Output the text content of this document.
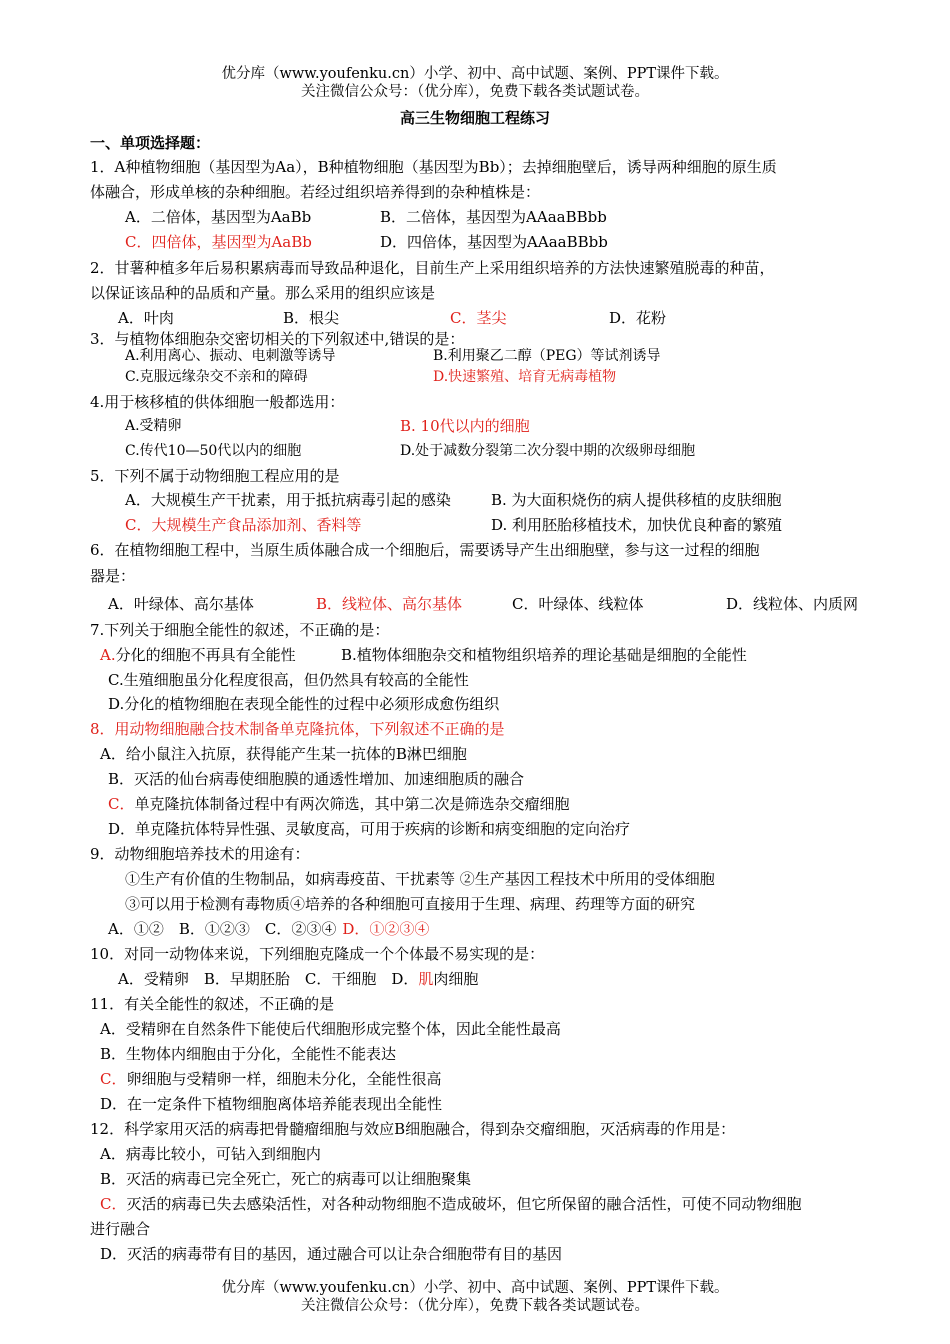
优分库（www.youfenku.cn）小学、初中、高中试题、案例、PPT课件下载。
关注微信公众号：（优分库），免费下载各类试题试卷。
高三生物细胞工程练习
一、单项选择题：
1．A种植物细胞（基因型为Aa），B种植物细胞（基因型为Bb）；去掉细胞壁后，诱导两种细胞的原生质
体融合，形成单核的杂种细胞。若经过组织培养得到的杂种植株是：
A．二倍体，基因型为AaBb	B．二倍体，基因型为AAaaBBbb
C．四倍体，基因型为AaBb	D．四倍体，基因型为AAaaBBbb
2．甘薯种植多年后易积累病毒而导致品种退化，目前生产上采用组织培养的方法快速繁殖脱毒的种苗，
以保证该品种的品质和产量。那么采用的组织应该是
A．叶肉	B．根尖	C．茎尖	D．花粉
3．与植物体细胞杂交密切相关的下列叙述中,错误的是：
A.利用离心、振动、电刺激等诱导	B.利用聚乙二醇（PEG）等试剂诱导
C.克服远缘杂交不亲和的障碍	D.快速繁殖、培育无病毒植物
4.用于核移植的供体细胞一般都选用：
A.受精卵	B. 10代以内的细胞
C.传代10—50代以内的细胞	D.处于减数分裂第二次分裂中期的次级卵母细胞
5．下列不属于动物细胞工程应用的是
A．大规模生产干扰素，用于抵抗病毒引起的感染	B. 为大面积烧伤的病人提供移植的皮肤细胞
C．大规模生产食品添加剂、香料等	D. 利用胚胎移植技术，加快优良种畜的繁殖
6．在植物细胞工程中，当原生质体融合成一个细胞后，需要诱导产生出细胞壁，参与这一过程的细胞
器是：
A．叶绿体、高尔基体	B．线粒体、高尔基体	C．叶绿体、线粒体	D．线粒体、内质网
7.下列关于细胞全能性的叙述，不正确的是：
A.分化的细胞不再具有全能性	B.植物体细胞杂交和植物组织培养的理论基础是细胞的全能性
C.生殖细胞虽分化程度很高，但仍然具有较高的全能性
D.分化的植物细胞在表现全能性的过程中必须形成愈伤组织
8．用动物细胞融合技术制备单克隆抗体，下列叙述不正确的是
A．给小鼠注入抗原，获得能产生某一抗体的B淋巴细胞
B．灭活的仙台病毒使细胞膜的通透性增加、加速细胞质的融合
C．单克隆抗体制备过程中有两次筛选，其中第二次是筛选杂交瘤细胞
D．单克隆抗体特异性强、灵敏度高，可用于疾病的诊断和病变细胞的定向治疗
9．动物细胞培养技术的用途有：
①生产有价值的生物制品，如病毒疫苗、干扰素等 ②生产基因工程技术中所用的受体细胞
③可以用于检测有毒物质④培养的各种细胞可直接用于生理、病理、药理等方面的研究
A．①②　B．①②③　C．②③④ D．①②③④
10．对同一动物体来说，下列细胞克隆成一个个体最不易实现的是：
A．受精卵　B．早期胚胎　C．干细胞 D．肌肉细胞
11．有关全能性的叙述，不正确的是
A．受精卵在自然条件下能使后代细胞形成完整个体，因此全能性最高
B．生物体内细胞由于分化，全能性不能表达
C．卵细胞与受精卵一样，细胞未分化，全能性很高
D．在一定条件下植物细胞离体培养能表现出全能性
12．科学家用灭活的病毒把骨髓瘤细胞与效应B细胞融合，得到杂交瘤细胞，灭活病毒的作用是：
A．病毒比较小，可钻入到细胞内
B．灭活的病毒已完全死亡，死亡的病毒可以让细胞聚集
C．灭活的病毒已失去感染活性，对各种动物细胞不造成破坏，但它所保留的融合活性，可使不同动物细胞
进行融合
D．灭活的病毒带有目的基因，通过融合可以让杂合细胞带有目的基因
优分库（www.youfenku.cn）小学、初中、高中试题、案例、PPT课件下载。
关注微信公众号：（优分库），免费下载各类试题试卷。
